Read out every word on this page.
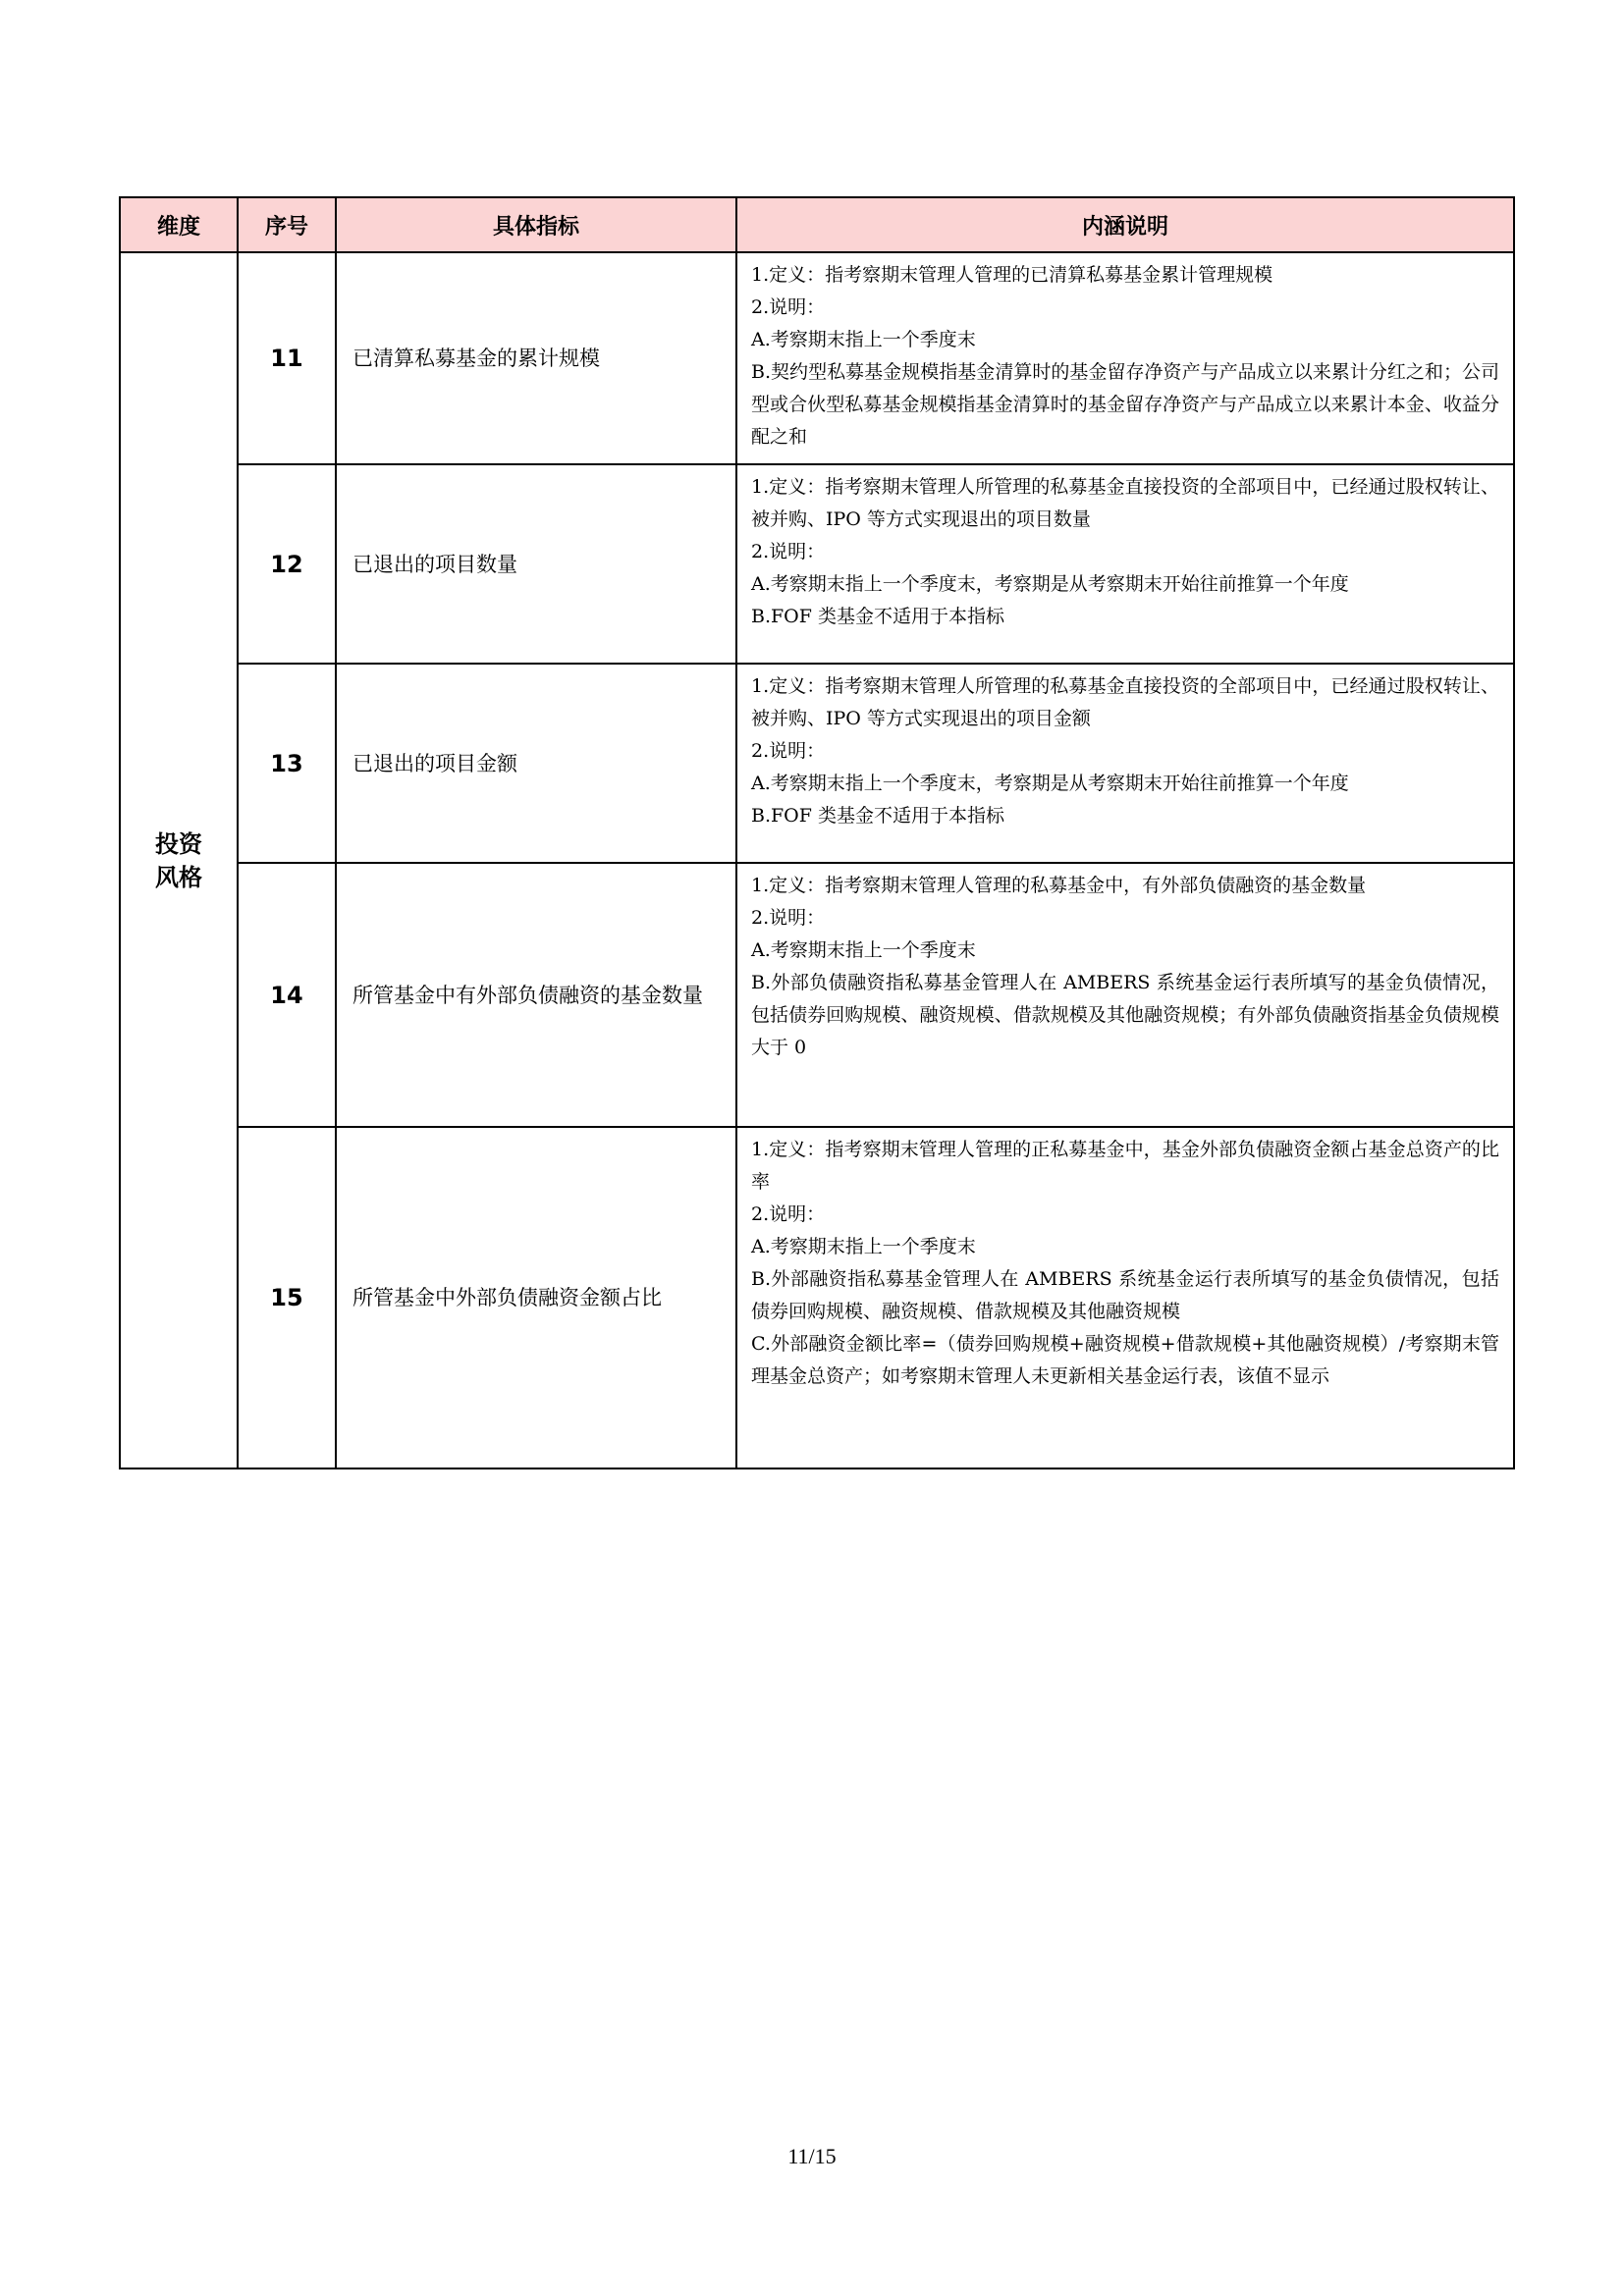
维度	序号	具体指标	内涵说明
投资风格	11	已清算私募基金的累计规模	1.定义：指考察期末管理人管理的已清算私募基金累计管理规模
2.说明：
A.考察期末指上一个季度末
B.契约型私募基金规模指基金清算时的基金留存净资产与产品成立以来累计分红之和；公司型或合伙型私募基金规模指基金清算时的基金留存净资产与产品成立以来累计本金、收益分配之和

	12	已退出的项目数量	1.定义：指考察期末管理人所管理的私募基金直接投资的全部项目中，已经通过股权转让、被并购、IPO 等方式实现退出的项目数量
2.说明：
A.考察期末指上一个季度末，考察期是从考察期末开始往前推算一个年度
B.FOF 类基金不适用于本指标

	13	已退出的项目金额	1.定义：指考察期末管理人所管理的私募基金直接投资的全部项目中，已经通过股权转让、被并购、IPO 等方式实现退出的项目金额
2.说明：
A.考察期末指上一个季度末，考察期是从考察期末开始往前推算一个年度
B.FOF 类基金不适用于本指标

	14	所管基金中有外部负债融资的基金数量	1.定义：指考察期末管理人管理的私募基金中，有外部负债融资的基金数量
2.说明：
A.考察期末指上一个季度末
B.外部负债融资指私募基金管理人在 AMBERS 系统基金运行表所填写的基金负债情况，包括债券回购规模、融资规模、借款规模及其他融资规模；有外部负债融资指基金负债规模大于 0

	15	所管基金中外部负债融资金额占比	1.定义：指考察期末管理人管理的正私募基金中，基金外部负债融资金额占基金总资产的比率
2.说明：
A.考察期末指上一个季度末
B.外部融资指私募基金管理人在 AMBERS 系统基金运行表所填写的基金负债情况，包括债券回购规模、融资规模、借款规模及其他融资规模
C.外部融资金额比率=（债券回购规模+融资规模+借款规模+其他融资规模）/考察期末管理基金总资产；如考察期末管理人未更新相关基金运行表，该值不显示
11/15
